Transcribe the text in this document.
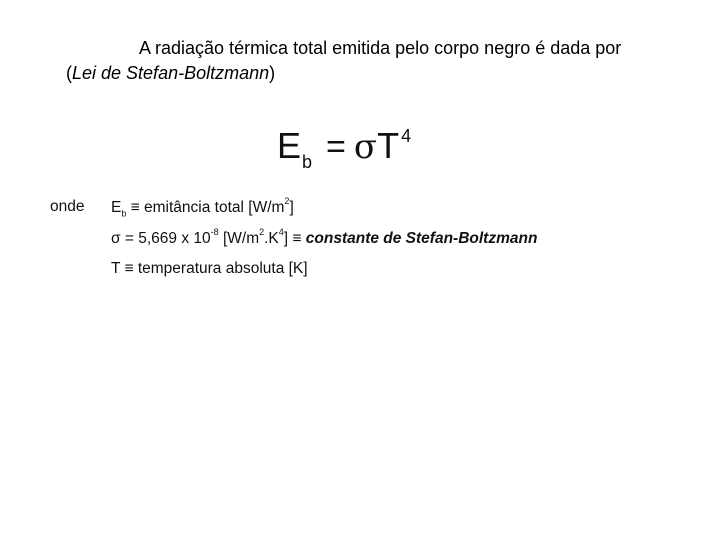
A radiação térmica total emitida pelo corpo negro é dada por
(Lei de Stefan-Boltzmann)
$E_b = \sigma T$ $^4$
onde $E_b$ ≡ emitância total $[W/m^2]$
σ = 5,669 x $10^{-8}$ $[W/m^2.K^4]$ ≡ constante de Stefan-Boltzmann
T ≡ temperatura absoluta [K]
